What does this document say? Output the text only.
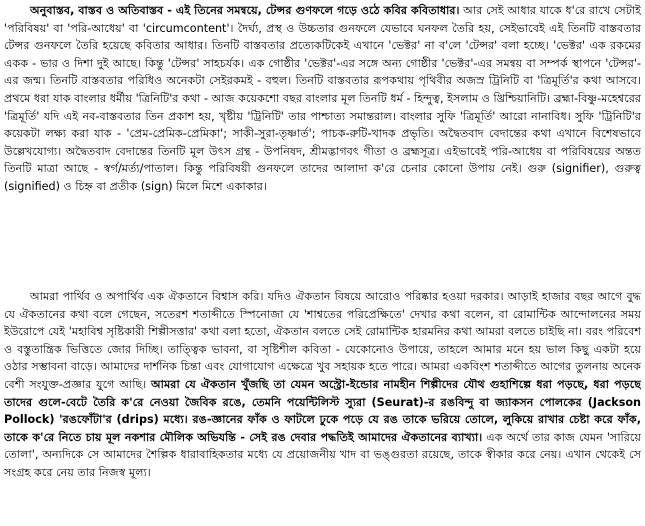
অনুবাস্তব, বাস্তব ও অতিবাস্তব - এই তিনের সমন্বয়ে, টেন্সর গুণফলে গড়ে ওঠে কবির কবিতাধার। আর সেই আধার যাকে ধ'রে রাখে সেটাই 'পরিবিষয়' বা 'পরি-আধেয়' বা 'circumcontent'। দৈর্ঘ্য, প্রস্থ ও উচ্চতার গুনফলে যেভাবে ঘনফল তৈরি হয়, সেইভাবেই এই তিনটি বাস্তবতার টেন্সর গুনফলে তৈরি হয়েছে কবিতার আধার। তিনটি বাস্তবতার প্রত্যেকটিকেই এখানে 'ভেক্টর' না ব'লে 'টেন্সর' বলা হচ্ছে। 'ভেক্টর' এক রকমের একক - ভার ও দিশা দুই আছে। কিন্তু 'টেন্সর' সাহচর্যক। এক গোষ্ঠীর 'ভেক্টর'-এর সঙ্গে অন্য গোষ্ঠীর 'ভেক্টর'-এর সমন্বয় বা সম্পর্ক স্থাপনে 'টেন্সর'-এর জন্ম। তিনটি বাস্তবতার পরিধিও অনেকটা সেইরকমই - বহুল। তিনটি বাস্তবতার রূপকথায় পৃথিবীর অজস্র ট্রিনিটি বা 'ত্রিমূর্তি'র কথা আসবে। প্রথমে ধরা যাক বাংলার ধর্মীয় 'ত্রিনিটি'র কথা - আজ কয়েকশো বছর বাংলার মূল তিনটি ধর্ম - হিন্দুত্ব, ইসলাম ও খ্রিশ্চিয়ানিটি। ব্রহ্মা-বিষ্ণু-মহেশ্বরের 'ত্রিমূর্তি' যদি এই নব-বাস্তবতার তিন প্রকাশ হয়, খৃষ্টীয় 'ট্রিনিটি' তার পাশ্চাত্য সমান্তরাল। বাংলার সুফি 'ত্রিমূর্তি' আরো নানাবিধ। সুফি 'ট্রিনিটি'র কয়েকটা লক্ষ্য করা যাক - 'প্রেম-প্রেমিক-প্রেমিকা'; সাকী-সুরা-তৃষ্ণার্ত'; পাচক-রুটি-খাদক প্রভৃতি। অদ্বৈতবাদ বেদান্তের কথা এখানে বিশেষভাবে উল্লেখযোগ্য। অদ্বৈতবাদ বেদান্তের তিনটি মূল উৎস গ্রন্থ - উপনিষদ, শ্রীমদ্ভাগবৎ গীতা ও ব্রহ্মসূত্র। এইভাবেই পরি-আধেয় বা পরিবিষয়ের অন্তত তিনটি মাত্রা আছে - স্বর্গ/মর্ত্য/পাতাল। কিন্তু পরিবিষয়ী গুনফলে তাদের আলাদা ক'রে চেনার কোনো উপায় নেই। গুরু (signifier), গুরুত্ব (signified) ও চিহ্ন বা প্রতীক (sign) মিলে মিশে একাকার।

আমরা পার্থিব ও অপার্থিব এক ঐকতানে বিশ্বাস করি। যদিও ঐকতান বিষয়ে আরোও পরিষ্কার হওয়া দরকার। আড়াই হাজার বছর আগে বুদ্ধ যে ঐকতানের কথা বলে গেছেন, সতেরশ শতাব্দীতে স্পিনোজা যে 'শাশ্বতের পরিপ্রেক্ষিতে' দেখার কথা বলেন, বা রোমান্টিক আন্দোলনের সময় ইউরোপে যেই 'মহাবিশ্ব সৃষ্টিকারী শিল্পীসত্তার' কথা বলা হতো, ঐকতান বলতে সেই রোমান্টিক হারমনির কথা আমরা বলতে চাইছি না। বরং পরিবেশ ও বস্তুতান্ত্রিক ভিত্তিতে জোর দিচ্ছি। তাত্ত্বিক ভাবনা, বা সৃষ্টিশীল কবিতা - যেকোনোও উপায়ে, তাহলে আমার মনে হয় ভাল কিছু একটা হয়ে ওঠার সম্ভাবনা বাড়ে। আমাদের দার্শনিক চিন্তা এবং যোগাযোগ এক্ষেত্রে খুব সহায়ক হতে পারে। আমরা একবিংশ শতাব্দীতে আগের তুলনায় অনেক বেশী সংযুক্ত-প্রজ্ঞার যুগে আছি। আমরা যে ঐকতান খুঁজছি তা যেমন অস্ট্রো-ইন্ডোর নামহীন শিল্পীদের যৌথ গুহাশিল্পে ধরা পড়ছে, ধরা পড়ছে তাদের গুলে-বেটে তৈরি ক'রে নেওয়া জৈবিক রঙে, তেমনি পয়েন্টিলিস্ট স্যুরা (Seurat)-র রঙবিন্দু বা জ্যাকসন পোলকের (Jackson Pollock) 'রঙফোঁটা'র (drips) মধ্যে। রঙ-জ্ঞানের ফাঁক ও ফাটলে ঢুকে পড়ে যে রঙ তাকে ভরিয়ে তোলে, লুকিয়ে রাখার চেষ্টা করে ফাঁক, তাকে ক'রে নিতে চায় মূল নকশার মৌলিক অভিযন্তি - সেই রঙ দেবার পদ্ধতিই আমাদের ঐকতানের ব্যাখ্যা। এক অর্থে তার কাজ যেমন 'সারিয়ে তোলা', অন্যদিকে সে আমাদের শৈল্পিক ধারাবাহিকতার মধ্যে যে প্রয়োজনীয় খাদ বা ভঙ্গুরতা রয়েছে, তাকে স্বীকার করে নেয়। এখান থেকেই সে সংগ্রহ করে নেয় তার নিজস্ব মূল্য।
